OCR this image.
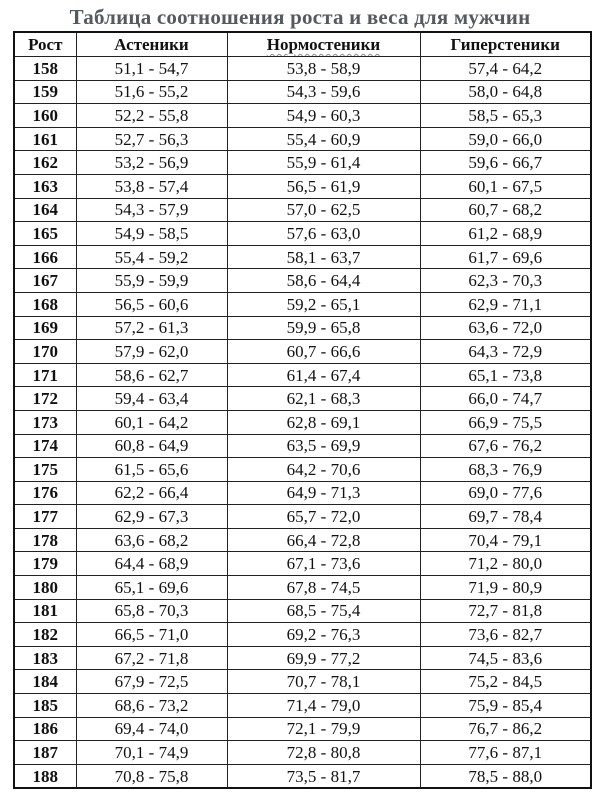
Таблица соотношения роста и веса для мужчин
Рост	Астеники	Нормостеники	Гиперстеники
158	51,1 - 54,7	53,8 - 58,9	57,4 - 64,2
159	51,6 - 55,2	54,3 - 59,6	58,0 - 64,8
160	52,2 - 55,8	54,9 - 60,3	58,5 - 65,3
161	52,7 - 56,3	55,4 - 60,9	59,0 - 66,0
162	53,2 - 56,9	55,9 - 61,4	59,6 - 66,7
163	53,8 - 57,4	56,5 - 61,9	60,1 - 67,5
164	54,3 - 57,9	57,0 - 62,5	60,7 - 68,2
165	54,9 - 58,5	57,6 - 63,0	61,2 - 68,9
166	55,4 - 59,2	58,1 - 63,7	61,7 - 69,6
167	55,9 - 59,9	58,6 - 64,4	62,3 - 70,3
168	56,5 - 60,6	59,2 - 65,1	62,9 - 71,1
169	57,2 - 61,3	59,9 - 65,8	63,6 - 72,0
170	57,9 - 62,0	60,7 - 66,6	64,3 - 72,9
171	58,6 - 62,7	61,4 - 67,4	65,1 - 73,8
172	59,4 - 63,4	62,1 - 68,3	66,0 - 74,7
173	60,1 - 64,2	62,8 - 69,1	66,9 - 75,5
174	60,8 - 64,9	63,5 - 69,9	67,6 - 76,2
175	61,5 - 65,6	64,2 - 70,6	68,3 - 76,9
176	62,2 - 66,4	64,9 - 71,3	69,0 - 77,6
177	62,9 - 67,3	65,7 - 72,0	69,7 - 78,4
178	63,6 - 68,2	66,4 - 72,8	70,4 - 79,1
179	64,4 - 68,9	67,1 - 73,6	71,2 - 80,0
180	65,1 - 69,6	67,8 - 74,5	71,9 - 80,9
181	65,8 - 70,3	68,5 - 75,4	72,7 - 81,8
182	66,5 - 71,0	69,2 - 76,3	73,6 - 82,7
183	67,2 - 71,8	69,9 - 77,2	74,5 - 83,6
184	67,9 - 72,5	70,7 - 78,1	75,2 - 84,5
185	68,6 - 73,2	71,4 - 79,0	75,9 - 85,4
186	69,4 - 74,0	72,1 - 79,9	76,7 - 86,2
187	70,1 - 74,9	72,8 - 80,8	77,6 - 87,1
188	70,8 - 75,8	73,5 - 81,7	78,5 - 88,0
